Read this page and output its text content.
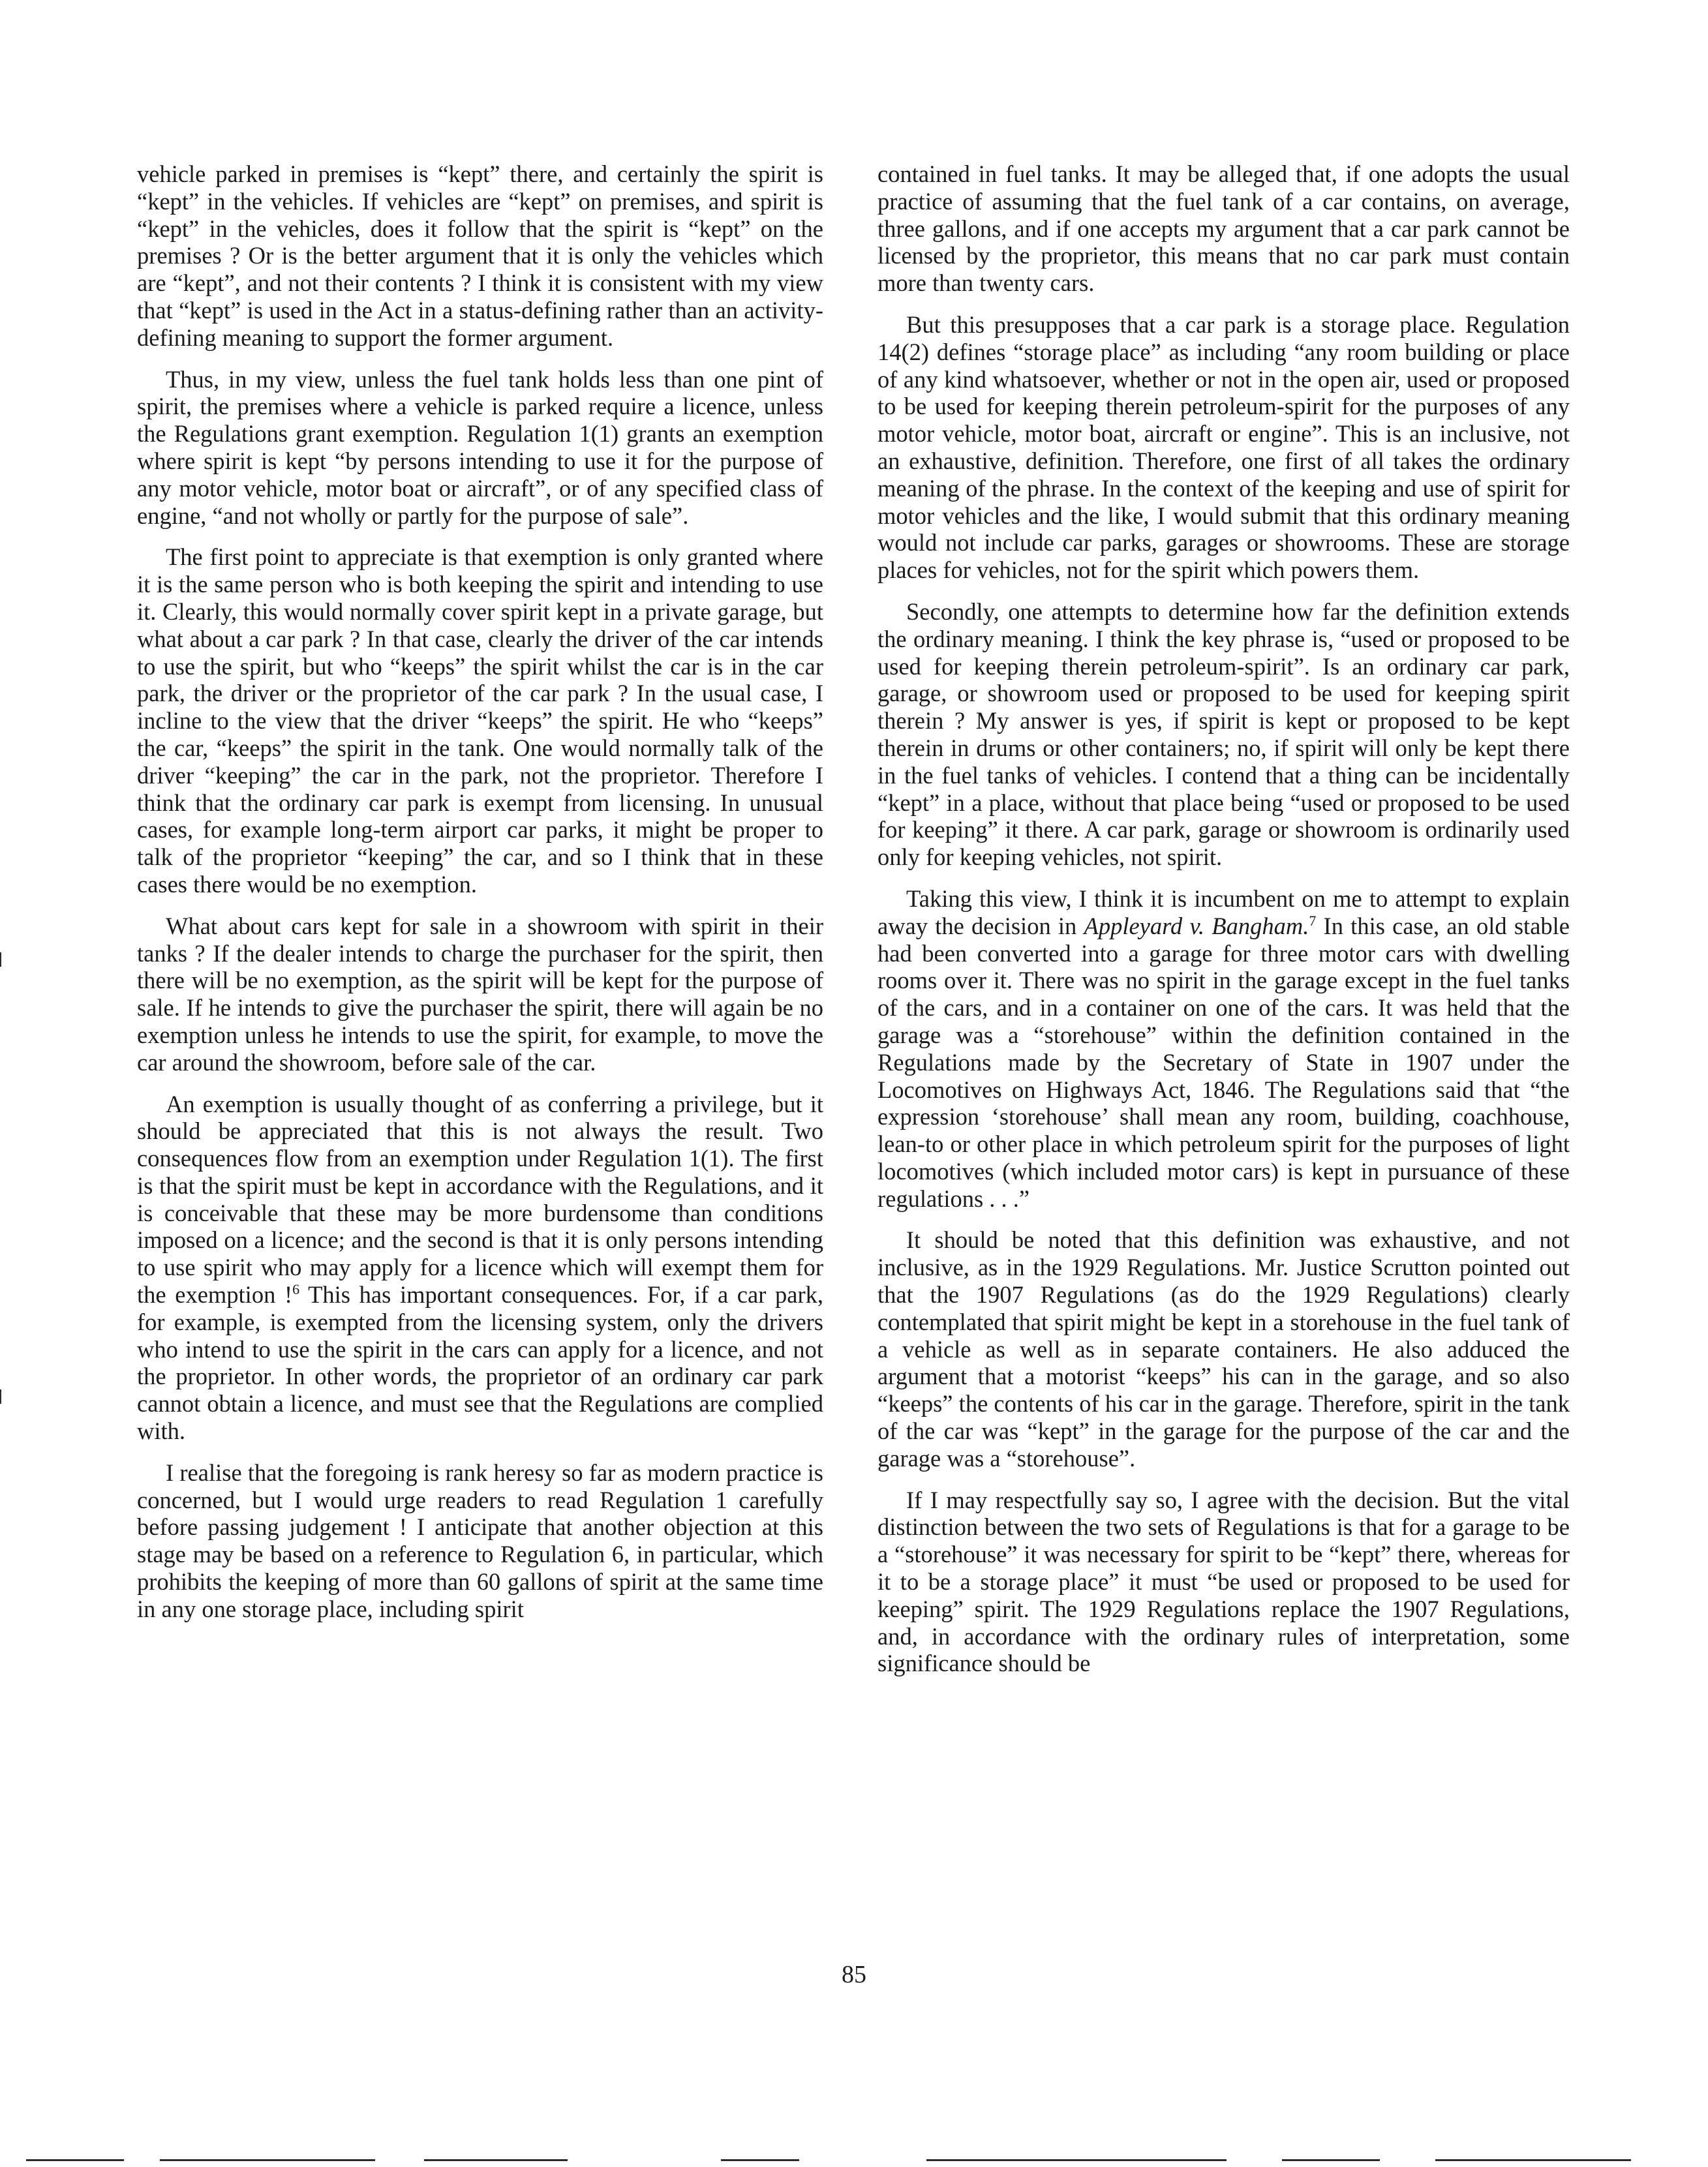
vehicle parked in premises is “kept” there, and certainly the spirit is “kept” in the vehicles. If vehicles are “kept” on premises, and spirit is “kept” in the vehicles, does it follow that the spirit is “kept” on the premises ? Or is the better argument that it is only the vehicles which are “kept”, and not their contents ? I think it is consistent with my view that “kept” is used in the Act in a status-defining rather than an activity-defining meaning to support the former argument.

Thus, in my view, unless the fuel tank holds less than one pint of spirit, the premises where a vehicle is parked require a licence, unless the Regulations grant exemption. Regulation 1(1) grants an exemption where spirit is kept “by persons intending to use it for the purpose of any motor vehicle, motor boat or aircraft”, or of any specified class of engine, “and not wholly or partly for the purpose of sale”.

The first point to appreciate is that exemption is only granted where it is the same person who is both keeping the spirit and intending to use it. Clearly, this would normally cover spirit kept in a private garage, but what about a car park ? In that case, clearly the driver of the car intends to use the spirit, but who “keeps” the spirit whilst the car is in the car park, the driver or the proprietor of the car park ? In the usual case, I incline to the view that the driver “keeps” the spirit. He who “keeps” the car, “keeps” the spirit in the tank. One would normally talk of the driver “keeping” the car in the park, not the proprietor. Therefore I think that the ordinary car park is exempt from licensing. In unusual cases, for example long-term airport car parks, it might be proper to talk of the proprietor “keeping” the car, and so I think that in these cases there would be no exemption.

What about cars kept for sale in a showroom with spirit in their tanks ? If the dealer intends to charge the purchaser for the spirit, then there will be no exemption, as the spirit will be kept for the purpose of sale. If he intends to give the purchaser the spirit, there will again be no exemption unless he intends to use the spirit, for example, to move the car around the showroom, before sale of the car.

An exemption is usually thought of as conferring a privilege, but it should be appreciated that this is not always the result. Two consequences flow from an exemption under Regulation 1(1). The first is that the spirit must be kept in accordance with the Regulations, and it is conceivable that these may be more burdensome than conditions imposed on a licence; and the second is that it is only persons intending to use spirit who may apply for a licence which will exempt them for the exemption !$^6$ This has important consequences. For, if a car park, for example, is exempted from the licensing system, only the drivers who intend to use the spirit in the cars can apply for a licence, and not the proprietor. In other words, the proprietor of an ordinary car park cannot obtain a licence, and must see that the Regulations are complied with.

I realise that the foregoing is rank heresy so far as modern practice is concerned, but I would urge readers to read Regulation 1 carefully before passing judgement ! I anticipate that another objection at this stage may be based on a reference to Regulation 6, in particular, which prohibits the keeping of more than 60 gallons of spirit at the same time in any one storage place, including spirit

contained in fuel tanks. It may be alleged that, if one adopts the usual practice of assuming that the fuel tank of a car contains, on average, three gallons, and if one accepts my argument that a car park cannot be licensed by the proprietor, this means that no car park must contain more than twenty cars.

But this presupposes that a car park is a storage place. Regulation 14(2) defines “storage place” as including “any room building or place of any kind whatsoever, whether or not in the open air, used or proposed to be used for keeping therein petroleum-spirit for the purposes of any motor vehicle, motor boat, aircraft or engine”. This is an inclusive, not an exhaustive, definition. Therefore, one first of all takes the ordinary meaning of the phrase. In the context of the keeping and use of spirit for motor vehicles and the like, I would submit that this ordinary meaning would not include car parks, garages or showrooms. These are storage places for vehicles, not for the spirit which powers them.

Secondly, one attempts to determine how far the definition extends the ordinary meaning. I think the key phrase is, “used or proposed to be used for keeping therein petroleum-spirit”. Is an ordinary car park, garage, or showroom used or proposed to be used for keeping spirit therein ? My answer is yes, if spirit is kept or proposed to be kept therein in drums or other containers; no, if spirit will only be kept there in the fuel tanks of vehicles. I contend that a thing can be incidentally “kept” in a place, without that place being “used or proposed to be used for keeping” it there. A car park, garage or showroom is ordinarily used only for keeping vehicles, not spirit.

Taking this view, I think it is incumbent on me to attempt to explain away the decision in Appleyard v. Bangham.$^7$ In this case, an old stable had been converted into a garage for three motor cars with dwelling rooms over it. There was no spirit in the garage except in the fuel tanks of the cars, and in a container on one of the cars. It was held that the garage was a “storehouse” within the definition contained in the Regulations made by the Secretary of State in 1907 under the Locomotives on Highways Act, 1846. The Regulations said that “the expression ‘storehouse’ shall mean any room, building, coachhouse, lean-to or other place in which petroleum spirit for the purposes of light locomotives (which included motor cars) is kept in pursuance of these regulations . . .”

It should be noted that this definition was exhaustive, and not inclusive, as in the 1929 Regulations. Mr. Justice Scrutton pointed out that the 1907 Regulations (as do the 1929 Regulations) clearly contemplated that spirit might be kept in a storehouse in the fuel tank of a vehicle as well as in separate containers. He also adduced the argument that a motorist “keeps” his can in the garage, and so also “keeps” the contents of his car in the garage. Therefore, spirit in the tank of the car was “kept” in the garage for the purpose of the car and the garage was a “storehouse”.

If I may respectfully say so, I agree with the decision. But the vital distinction between the two sets of Regulations is that for a garage to be a “storehouse” it was necessary for spirit to be “kept” there, whereas for it to be a storage place” it must “be used or proposed to be used for keeping” spirit. The 1929 Regulations replace the 1907 Regulations, and, in accordance with the ordinary rules of interpretation, some significance should be

85
